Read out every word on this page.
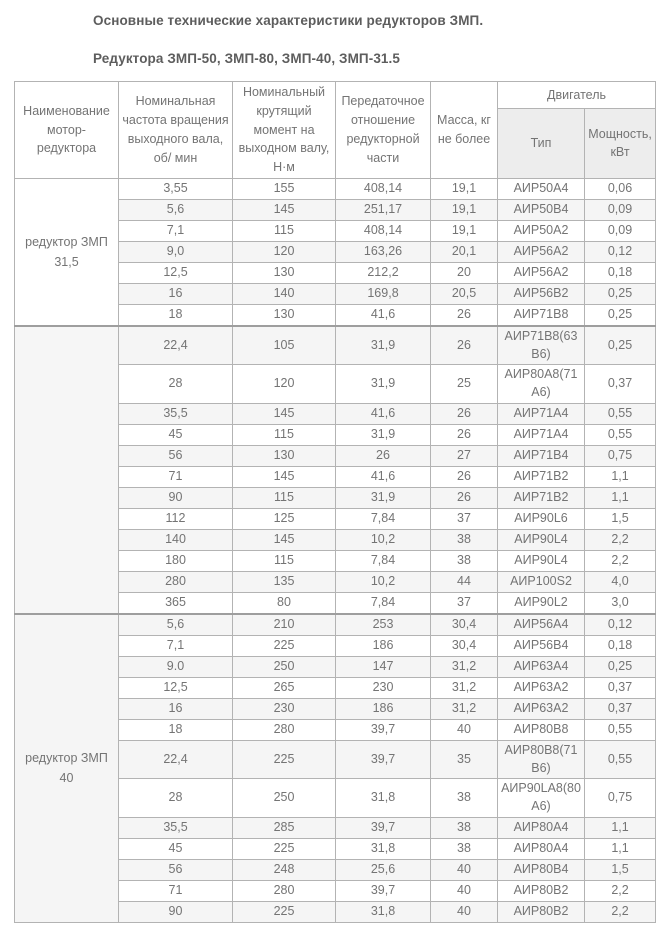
Основные технические характеристики редукторов ЗМП.

Редуктора ЗМП-50, ЗМП-80, ЗМП-40, ЗМП-31.5

Наименование мотор-редуктора	Номинальная частота вращения выходного вала, об/ мин	Номинальный крутящий момент на выходном валу, Н·м	Передаточное отношение редукторной части	Масса, кг не более	Двигатель	
					Тип	Мощность, кВт
редуктор ЗМП 31,5	3,55	155	408,14	19,1	АИР50А4	0,06
	5,6	145	251,17	19,1	АИР50В4	0,09
	7,1	115	408,14	19,1	АИР50А2	0,09
	9,0	120	163,26	20,1	АИР56А2	0,12
	12,5	130	212,2	20	АИР56А2	0,18
	16	140	169,8	20,5	АИР56В2	0,25
	18	130	41,6	26	АИР71В8	0,25
	22,4	105	31,9	26	АИР71В8(63В6)	0,25
	28	120	31,9	25	АИР80А8(71А6)	0,37
	35,5	145	41,6	26	АИР71А4	0,55
	45	115	31,9	26	АИР71А4	0,55
	56	130	26	27	АИР71В4	0,75
	71	145	41,6	26	АИР71В2	1,1
	90	115	31,9	26	АИР71В2	1,1
	112	125	7,84	37	АИР90L6	1,5
	140	145	10,2	38	АИР90L4	2,2
	180	115	7,84	38	АИР90L4	2,2
	280	135	10,2	44	АИР100S2	4,0
	365	80	7,84	37	АИР90L2	3,0
редуктор ЗМП 40	5,6	210	253	30,4	АИР56А4	0,12
	7,1	225	186	30,4	АИР56В4	0,18
	9.0	250	147	31,2	АИР63А4	0,25
	12,5	265	230	31,2	АИР63А2	0,37
	16	230	186	31,2	АИР63А2	0,37
	18	280	39,7	40	АИР80В8	0,55
	22,4	225	39,7	35	АИР80В8(71В6)	0,55
	28	250	31,8	38	АИР90LA8(80А6)	0,75
	35,5	285	39,7	38	АИР80А4	1,1
	45	225	31,8	38	АИР80А4	1,1
	56	248	25,6	40	АИР80В4	1,5
	71	280	39,7	40	АИР80В2	2,2
	90	225	31,8	40	АИР80В2	2,2
